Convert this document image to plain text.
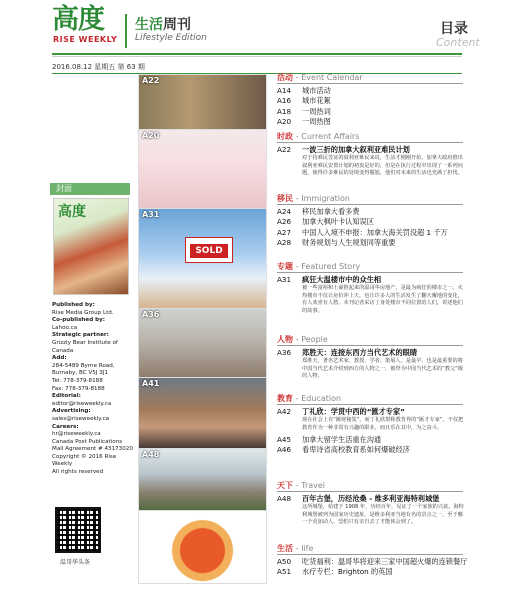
高度
RISE WEEKLY
生活周刊
Lifestyle Edition
目录
Content
2016.08.12 星期五 第 63 期
封面
高度
Published by:
Rise Media Group Ltd.
Co-published by:
Lahoo.ca
Strategic partner:
Grizzly Bear Institute of
Canada
Add:
284-5489 Byrne Road,
Burnaby, BC V5J 3J1
Tel: 778-379-8188
Fax: 778-379-8188
Editorial:
editor@riseweekly.ca
Advertising:
sales@riseweekly.ca
Careers:
hr@riseweekly.ca
Canada Post Publications
Mail Agreement # 43173020
Copyright © 2016 Rise
Weekly
All rights reserved
温哥华头条
A22
A20
A31
SOLD
A36
A41
A48
活动 - Event Calendar
A14 城市活动
A16 城市花絮
A18 一周热词
A20 一周热图
时政 - Current Affairs
A22 一波三折的加拿大叙利亚难民计划
对于持难民签证的叙利亚难民来说，生活才刚刚开始。加拿大政府推出叙利亚难民安置计划的初衷是好的，但是在执行过程中出现了一系列问题，使得许多难民的处境变得尴尬，他们对未来的生活也充满了担忧。
移民 - Immigration
A24 移民加拿大看多费
A26 加拿大枫叶卡认知误区
A27 中国人入境不申报：加拿大海关罚没超 1 千万
A28 财务规划与人生规划同等重要
专题 - Featured Story
A31 疯狂大温楼市中的众生相
被一些富裕和土豪推起来的温哥华房地产，是最为疯狂的楼市之一。火热楼市不仅让房价冲上天，也让许多人的生活发生了翻天覆地的变化，有人欢喜有人愁。本刊记者采访了身处楼市不同位置的人们，讲述他们的故事。
人物 - People
A36 郑胜天：连接东西方当代艺术的眼睛
郑胜天，著名艺术家、教授、学者、策展人。是最早、也是最重要的将中国当代艺术介绍到西方的人物之一，被誉为中国当代艺术的“教父”级的人物。
教育 - Education
A42 丁礼欣：学贯中西的“匯才专家”
现在社会上有“匯财秘笈”，而丁礼欣堪称教育界的“匯才专家”，不仅把教育作为一种非常有兴趣的职业，而且乐在其中，为之奋斗。
A45 加拿大留学生活重在沟通
A46 看卑诗省高校教育系如何爆破经济
天下 - Travel
A48 百年古堡，历经沧桑 - 维多利亚海特利城堡
这所城堡，始建于 1908 年，历经百年，见证了一个家族的兴衰。海特利城堡被列为国家历史遗址，是维多利亚当地有名的景点之一。至于哪一个更加动人，恐怕只有亲自去了才能体会到了。
生活 - life
A50 吃货福利：温哥华将迎来三家中国超火爆的连锁餐厅
A51 水疗专栏：Brighton 的英国
